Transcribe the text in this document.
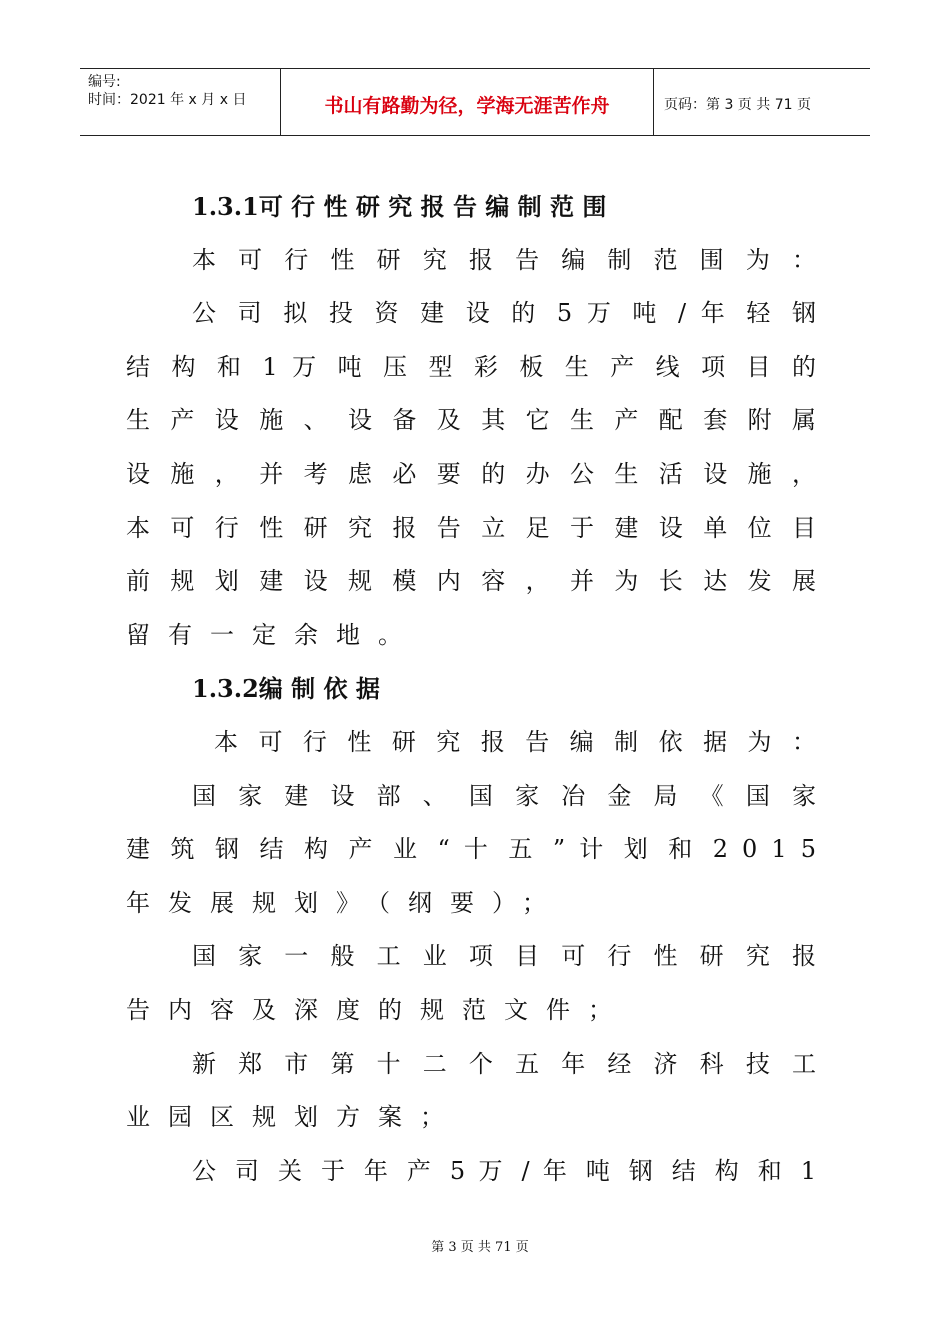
编号:
时间：2021 年 x 月 x 日	书山有路勤为径，学海无涯苦作舟	页码：第 3 页 共 71 页
1.3.1可 行 性 研 究 报 告 编 制 范 围
本 可 行 性 研 究 报 告 编 制 范 围 为 ：
公 司 拟 投 资 建 设 的 5 万 吨 / 年 轻 钢
结 构 和 1 万 吨 压 型 彩 板 生 产 线 项 目 的
生 产 设 施 、 设 备 及 其 它 生 产 配 套 附 属
设 施 ， 并 考 虑 必 要 的 办 公 生 活 设 施 ，
本 可 行 性 研 究 报 告 立 足 于 建 设 单 位 目
前 规 划 建 设 规 模 内 容 ， 并 为 长 达 发 展
留有一定余地。
1.3.2编 制 依 据
本 可 行 性 研 究 报 告 编 制 依 据 为 ：
国 家 建 设 部 、 国 家 冶 金 局 《 国 家
建 筑 钢 结 构 产 业 “ 十 五 ” 计 划 和 2 0 1 5
年发展规划》（纲要）；
国 家 一 般 工 业 项 目 可 行 性 研 究 报
告内容及深度的规范文件；
新 郑 市 第 十 二 个 五 年 经 济 科 技 工
业园区规划方案；
公 司 关 于 年 产 5 万 / 年 吨 钢 结 构 和 1
第 3 页 共 71 页
